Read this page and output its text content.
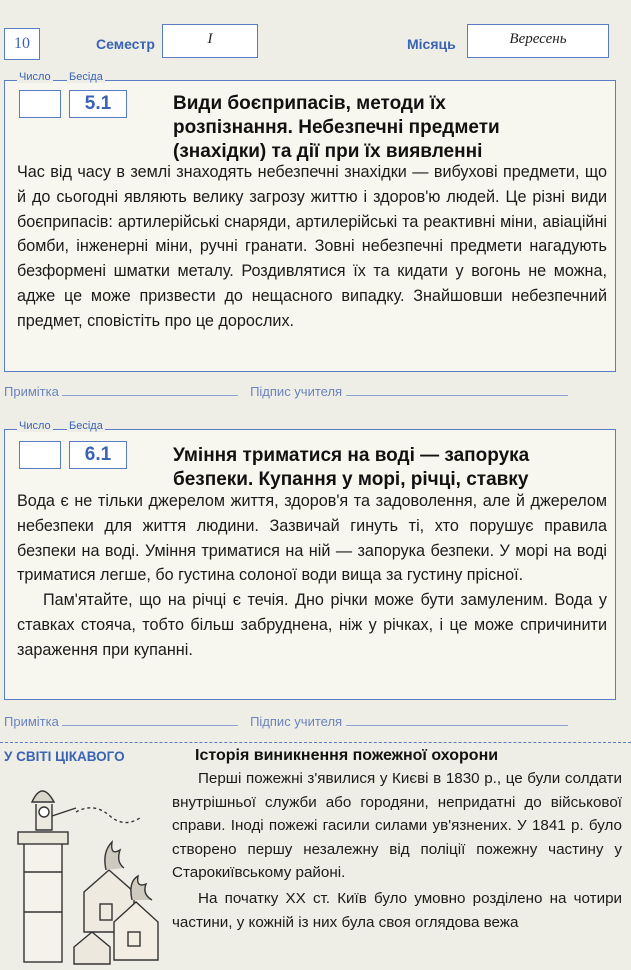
10	Семестр	I	Місяць	Вересень
Число Бесіда
5.1	Види боєприпасів, методи їх
розпізнання. Небезпечні предмети
(знахідки) та дії при їх виявленні

Час від часу в землі знаходять небезпечні знахідки — вибухові предмети, що й до сьогодні являють велику загрозу життю і здоров'ю людей. Це різні види боєприпасів: артилерійські снаряди, артилерійські та реактивні міни, авіаційні бомби, інженерні міни, ручні гранати. Зовні небезпечні предмети нагадують безформені шматки металу. Роздивлятися їх та кидати у вогонь не можна, адже це може призвести до нещасного випадку. Знайшовши небезпечний предмет, сповістіть про це дорослих.

Примітка	Підпис учителя
Число Бесіда
6.1	Уміння триматися на воді — запорука
безпеки. Купання у морі, річці, ставку

Вода є не тільки джерелом життя, здоров'я та задоволення, але й джерелом небезпеки для життя людини. Зазвичай гинуть ті, хто порушує правила безпеки на воді. Уміння триматися на ній — запорука безпеки. У морі на воді триматися легше, бо густина солоної води вища за густину прісної.

Пам'ятайте, що на річці є течія. Дно річки може бути замуленим. Вода у ставках стояча, тобто більш забруднена, ніж у річках, і це може спричинити зараження при купанні.

Примітка	Підпис учителя
У СВІТІ ЦІКАВОГО	Історія виникнення пожежної охорони

Перші пожежні з'явилися у Києві в 1830 р., це були солдати внутрішньої служби або городяни, непридатні до військової справи. Іноді пожежі гасили силами ув'язнених. У 1841 р. було створено першу незалежну від поліції пожежну частину у Старокиївському районі.

На початку XX ст. Київ було умовно розділено на чотири частини, у кожній із них була своя оглядова вежа
